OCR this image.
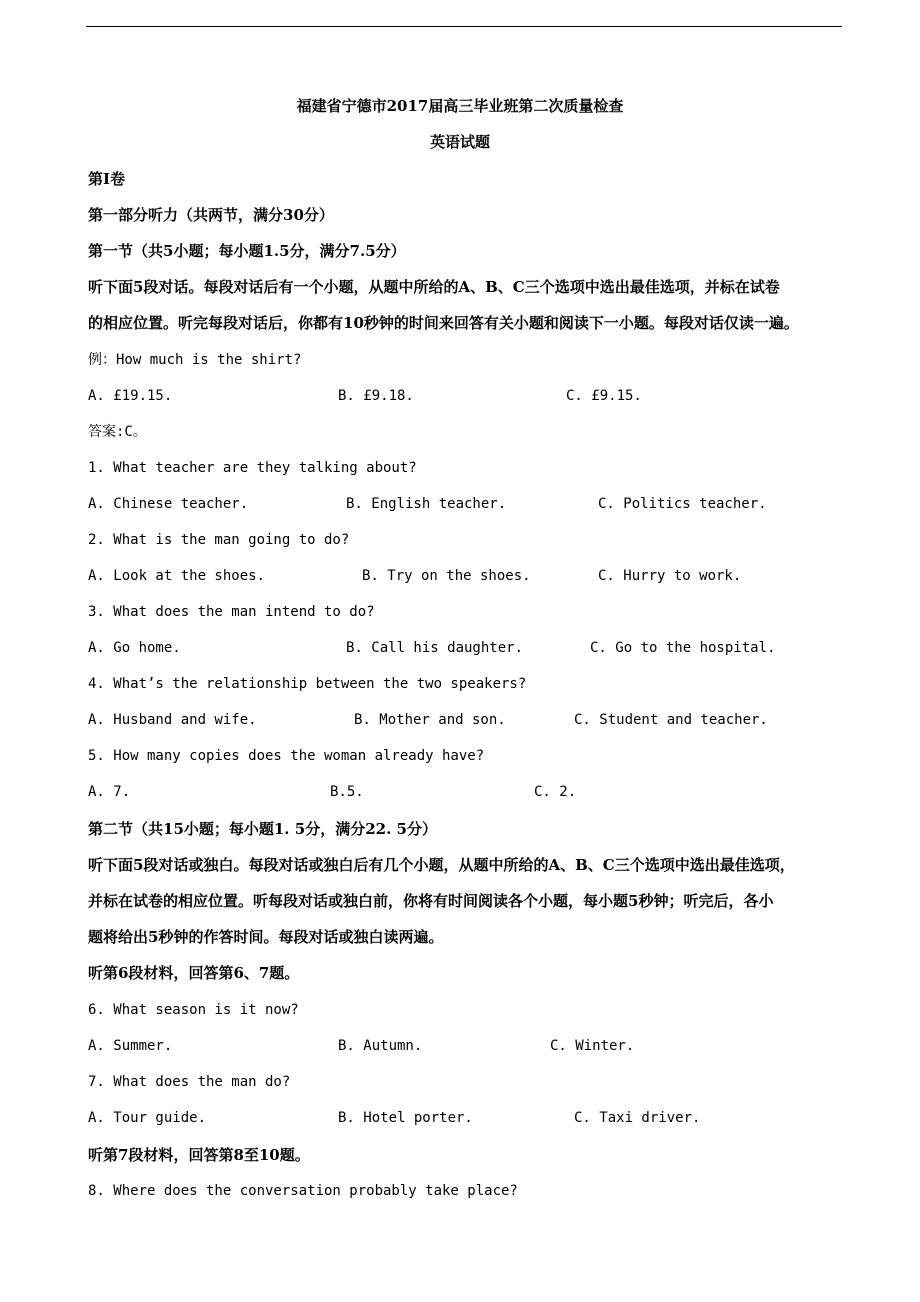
福建省宁德市2017届高三毕业班第二次质量检查
英语试题
第I卷
第一部分听力（共两节，满分30分）
第一节（共5小题；每小题1.5分，满分7.5分）
听下面5段对话。每段对话后有一个小题，从题中所给的A、B、C三个选项中选出最佳选项，并标在试卷
的相应位置。听完每段对话后，你都有10秒钟的时间来回答有关小题和阅读下一小题。每段对话仅读一遍。
例：How much is the shirt?
A. £19.15.	B. £9.18.	C. £9.15.
答案:C。
1. What teacher are they talking about?
A. Chinese teacher.	B. English teacher.	C. Politics teacher.
2. What is the man going to do?
A. Look at the shoes.	B. Try on the shoes.	C. Hurry to work.
3. What does the man intend to do?
A. Go home.	B. Call his daughter.	C. Go to the hospital.
4. What’s the relationship between the two speakers?
A. Husband and wife.	B. Mother and son.	C. Student and teacher.
5. How many copies does the woman already have?
A. 7.	B.5.	C. 2.
第二节（共15小题；每小题1. 5分，满分22. 5分）
听下面5段对话或独白。每段对话或独白后有几个小题，从题中所给的A、B、C三个选项中选出最佳选项，
并标在试卷的相应位置。听每段对话或独白前，你将有时间阅读各个小题，每小题5秒钟；听完后，各小
题将给出5秒钟的作答时间。每段对话或独白读两遍。
听第6段材料，回答第6、7题。
6. What season is it now?
A. Summer.	B. Autumn.	C. Winter.
7. What does the man do?
A. Tour guide.	B. Hotel porter.	C. Taxi driver.
听第7段材料，回答第8至10题。
8. Where does the conversation probably take place?
